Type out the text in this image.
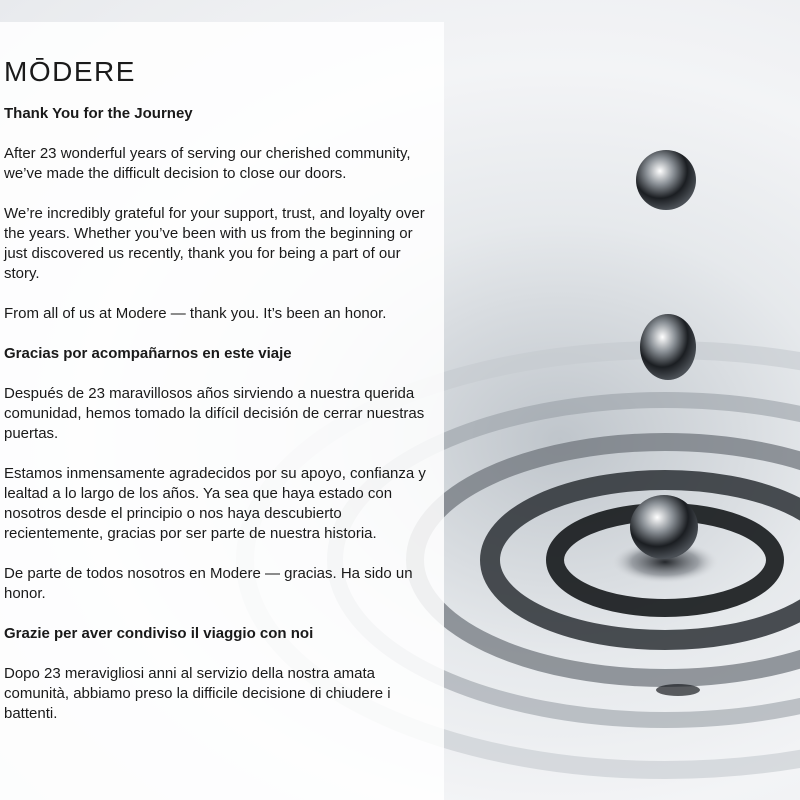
MŌDERE
Thank You for the Journey
After 23 wonderful years of serving our cherished community, we’ve made the difficult decision to close our doors.
We’re incredibly grateful for your support, trust, and loyalty over the years. Whether you’ve been with us from the beginning or just discovered us recently, thank you for being a part of our story.
From all of us at Modere — thank you. It’s been an honor.
Gracias por acompañarnos en este viaje
Después de 23 maravillosos años sirviendo a nuestra querida comunidad, hemos tomado la difícil decisión de cerrar nuestras puertas.
Estamos inmensamente agradecidos por su apoyo, confianza y lealtad a lo largo de los años. Ya sea que haya estado con nosotros desde el principio o nos haya descubierto recientemente, gracias por ser parte de nuestra historia.
De parte de todos nosotros en Modere — gracias. Ha sido un honor.
Grazie per aver condiviso il viaggio con noi
Dopo 23 meravigliosi anni al servizio della nostra amata comunità, abbiamo preso la difficile decisione di chiudere i battenti.
